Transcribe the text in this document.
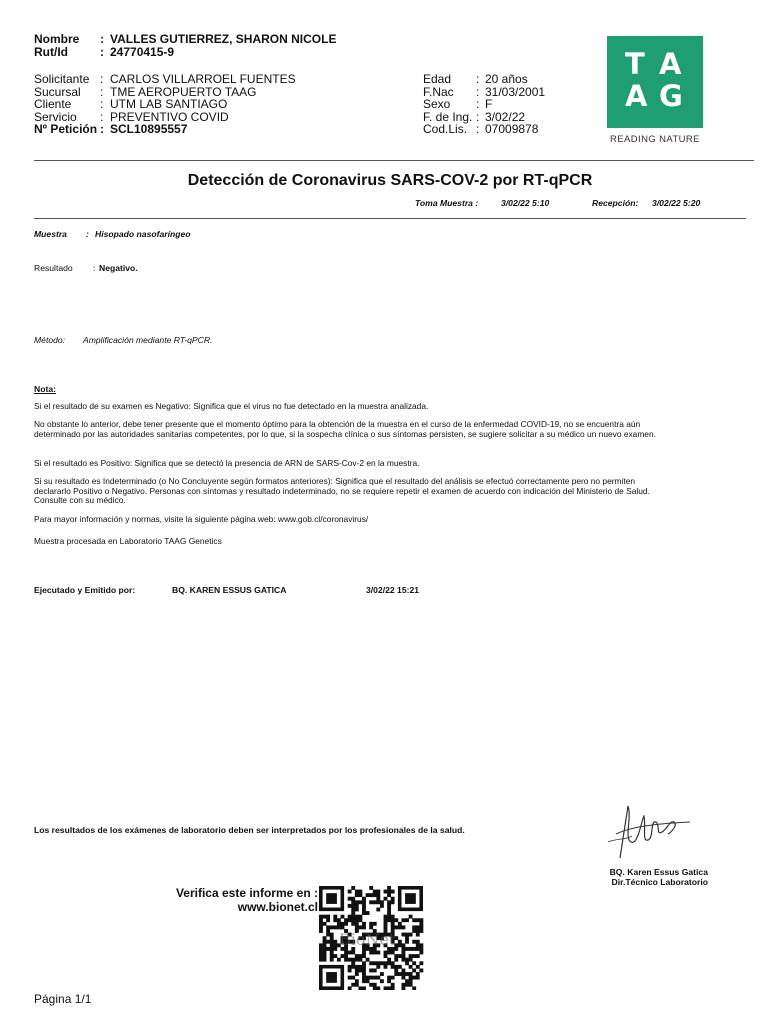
Nombre	:	VALLES GUTIERREZ, SHARON NICOLE
Rut/Id	:	24770415-9
Solicitante	:	CARLOS VILLARROEL FUENTES
Sucursal	:	TME AEROPUERTO TAAG
Cliente	:	UTM LAB SANTIAGO
Servicio	:	PREVENTIVO COVID
Nº Petición	:	SCL10895557
Edad	:	20 años
F.Nac	:	31/03/2001
Sexo	:	F
F. de Ing.	:	3/02/22
Cod.Lis.	:	07009878
T A
A G
READING NATURE
Detección de Coronavirus SARS-COV-2 por RT-qPCR
Toma Muestra :	3/02/22 5:10	Recepción: 3/02/22 5:20
Muestra : Hisopado nasofaríngeo
Resultado : Negativo.
Método: Amplificación mediante RT-qPCR.
Nota:
Si el resultado de su examen es Negativo: Significa que el virus no fue detectado en la muestra analizada.
No obstante lo anterior, debe tener presente que el momento óptimo para la obtención de la muestra en el curso de la enfermedad COVID-19, no se encuentra aún determinado por las autoridades sanitarias competentes, por lo que, si la sospecha clínica o sus síntomas persisten, se sugiere solicitar a su médico un nuevo examen.
Si el resultado es Positivo: Significa que se detectó la presencia de ARN de SARS-Cov-2 en la muestra.
Si su resultado es Indeterminado (o No Concluyente según formatos anteriores): Significa que el resultado del análisis se efectuó correctamente pero no permiten declararlo Positivo o Negativo. Personas con síntomas y resultado indeterminado, no se requiere repetir el examen de acuerdo con indicación del Ministerio de Salud. Consulte con su médico.
Para mayor información y normas, visite la siguiente página web: www.gob.cl/coronavirus/
Muestra procesada en Laboratorio TAAG Genetics
Ejecutado y Emitido por:	BQ. KAREN ESSUS GATICA	3/02/22 15:21
Los resultados de los exámenes de laboratorio deben ser interpretados por los profesionales de la salud.
BQ. Karen Essus Gatica
Dir.Técnico Laboratorio
Verifica este informe en :
www.bionet.cl
BioNet
Página 1/1
